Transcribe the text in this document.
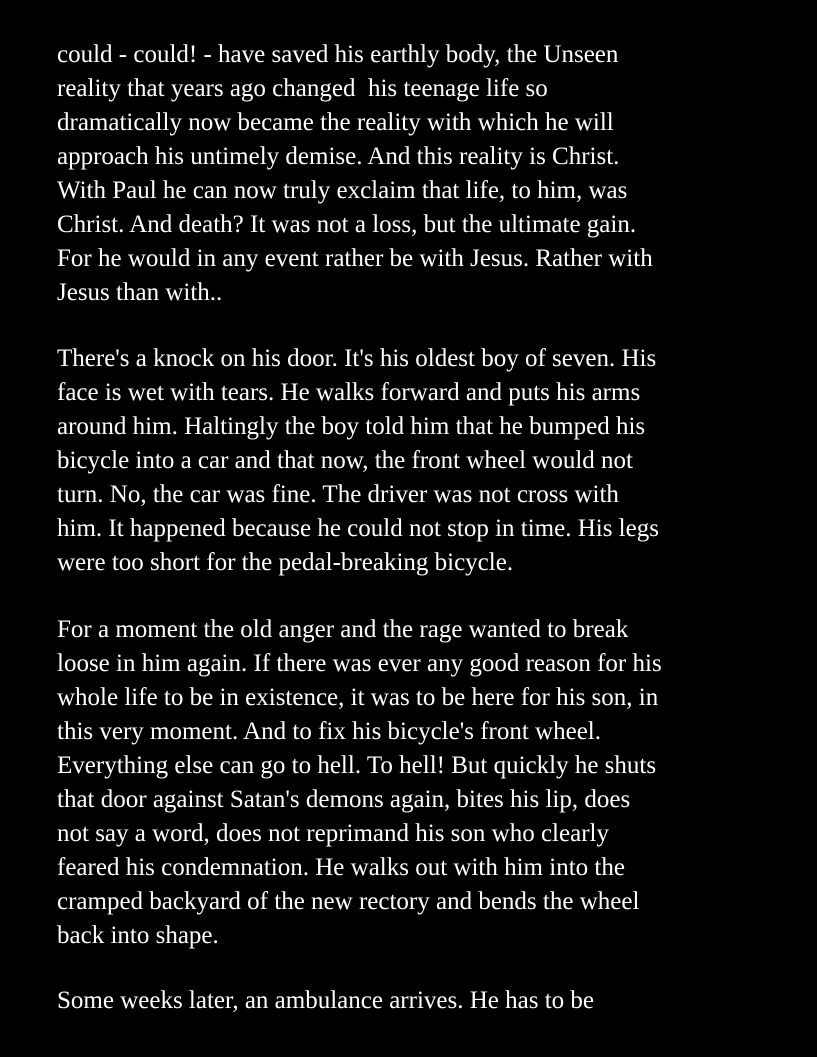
could - could! - have saved his earthly body, the Unseen
reality that years ago changed  his teenage life so
dramatically now became the reality with which he will
approach his untimely demise. And this reality is Christ.
With Paul he can now truly exclaim that life, to him, was
Christ. And death? It was not a loss, but the ultimate gain.
For he would in any event rather be with Jesus. Rather with
Jesus than with..

There's a knock on his door. It's his oldest boy of seven. His
face is wet with tears. He walks forward and puts his arms
around him. Haltingly the boy told him that he bumped his
bicycle into a car and that now, the front wheel would not
turn. No, the car was fine. The driver was not cross with
him. It happened because he could not stop in time. His legs
were too short for the pedal-breaking bicycle.

For a moment the old anger and the rage wanted to break
loose in him again. If there was ever any good reason for his
whole life to be in existence, it was to be here for his son, in
this very moment. And to fix his bicycle's front wheel.
Everything else can go to hell. To hell! But quickly he shuts
that door against Satan's demons again, bites his lip, does
not say a word, does not reprimand his son who clearly
feared his condemnation. He walks out with him into the
cramped backyard of the new rectory and bends the wheel
back into shape.

Some weeks later, an ambulance arrives. He has to be
